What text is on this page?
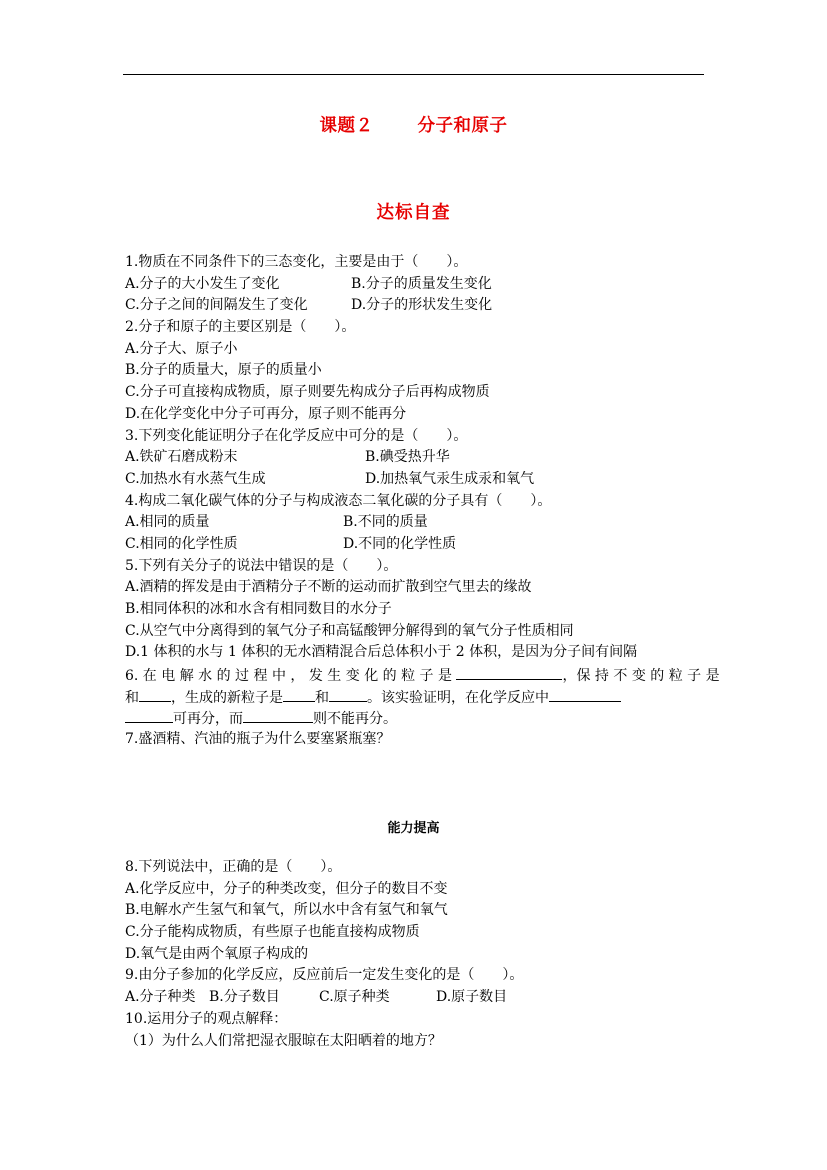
课题２	分子和原子
达标自查
1.物质在不同条件下的三态变化，主要是由于（　　）。
A.分子的大小发生了变化	B.分子的质量发生变化
C.分子之间的间隔发生了变化	D.分子的形状发生变化
2.分子和原子的主要区别是（　　）。
A.分子大、原子小
B.分子的质量大，原子的质量小
C.分子可直接构成物质，原子则要先构成分子后再构成物质
D.在化学变化中分子可再分，原子则不能再分
3.下列变化能证明分子在化学反应中可分的是（　　）。
A.铁矿石磨成粉末	B.碘受热升华
C.加热水有水蒸气生成	D.加热氧气汞生成汞和氧气
4.构成二氧化碳气体的分子与构成液态二氧化碳的分子具有（　　）。
A.相同的质量	B.不同的质量
C.相同的化学性质	D.不同的化学性质
5.下列有关分子的说法中错误的是（　　）。
A.酒精的挥发是由于酒精分子不断的运动而扩散到空气里去的缘故
B.相同体积的冰和水含有相同数目的水分子
C.从空气中分离得到的氧气分子和高锰酸钾分解得到的氧气分子性质相同
D.1 体积的水与 1 体积的无水酒精混合后总体积小于 2 体积，是因为分子间有间隔
6. 在 电 解 水 的 过 程 中 ， 发 生 变 化 的 粒 子 是	，保 持 不 变 的 粒 子 是
和 ，生成的新粒子是 和	。该实验证明，在化学反应中
可再分，而	则不能再分。
7.盛酒精、汽油的瓶子为什么要塞紧瓶塞？
能力提高
8.下列说法中，正确的是（　　）。
A.化学反应中，分子的种类改变，但分子的数目不变
B.电解水产生氢气和氧气，所以水中含有氢气和氧气
C.分子能构成物质，有些原子也能直接构成物质
D.氧气是由两个氧原子构成的
9.由分子参加的化学反应，反应前后一定发生变化的是（　　）。
A.分子种类 B.分子数目	C.原子种类	D.原子数目
10.运用分子的观点解释：
（1）为什么人们常把湿衣服晾在太阳晒着的地方？
